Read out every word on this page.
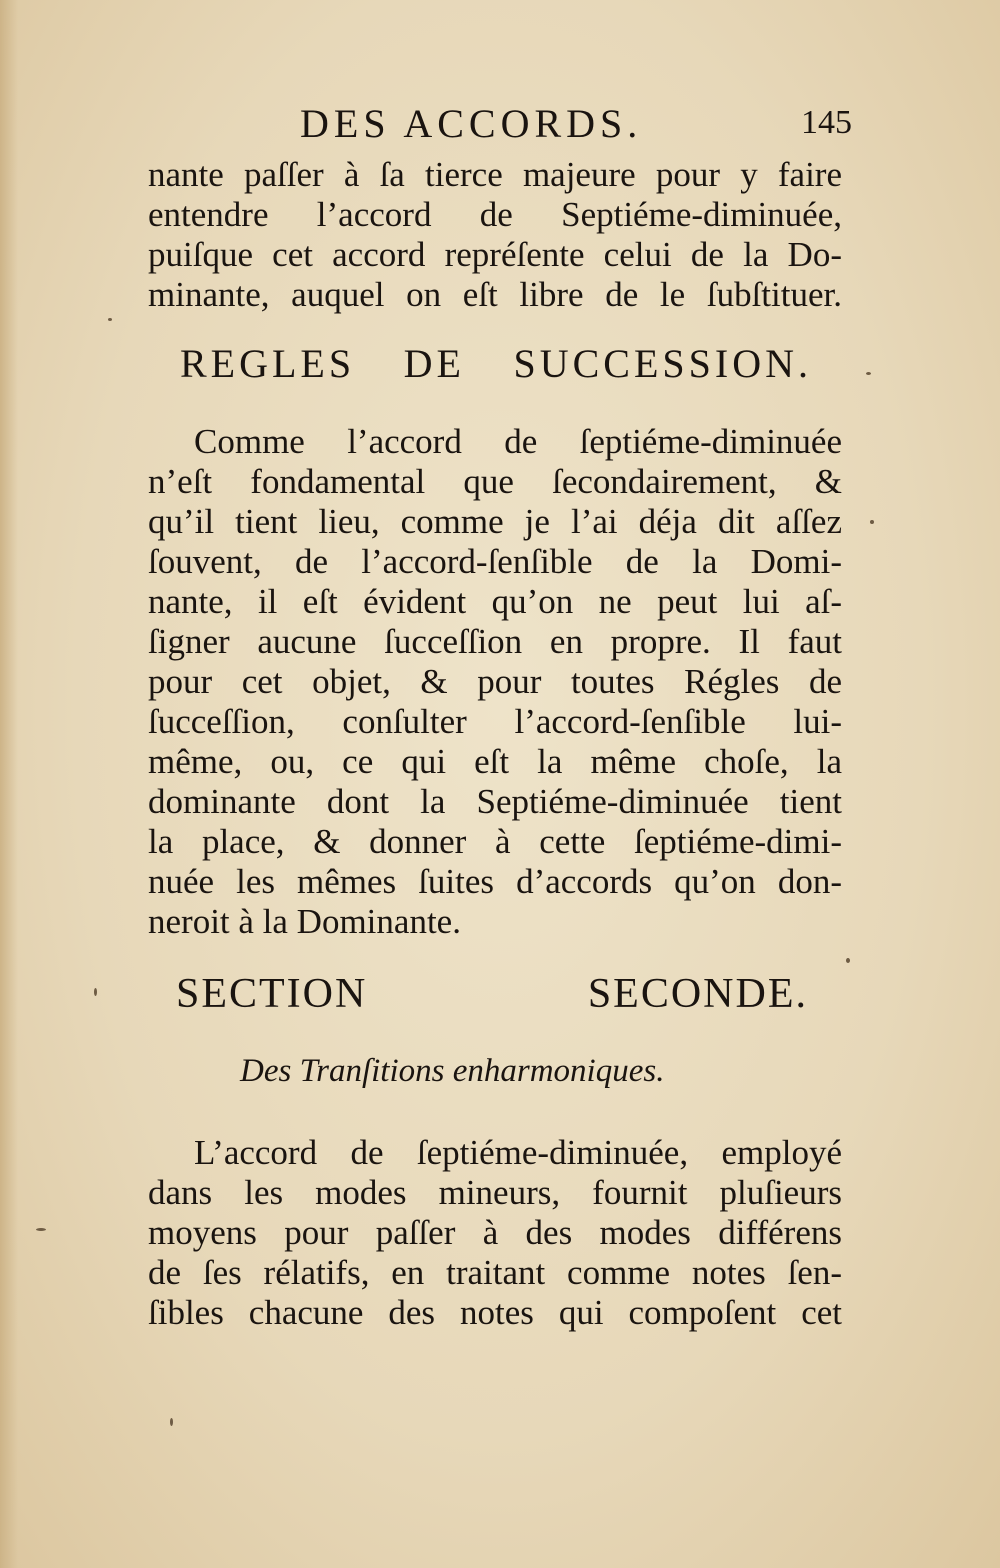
DES ACCORDS.	145
nante paſſer à ſa tierce majeure pour y faire
entendre l’accord de Septiéme-diminuée,
puiſque cet accord repréſente celui de la Do-
minante, auquel on eſt libre de le ſubſtituer.
REGLES DE SUCCESSION.
Comme l’accord de ſeptiéme-diminuée
n’eſt fondamental que ſecondairement, &
qu’il tient lieu, comme je l’ai déja dit aſſez
ſouvent, de l’accord-ſenſible de la Domi-
nante, il eſt évident qu’on ne peut lui aſ-
ſigner aucune ſucceſſion en propre. Il faut
pour cet objet, & pour toutes Régles de
ſucceſſion, conſulter l’accord-ſenſible lui-
même, ou, ce qui eſt la même choſe, la
dominante dont la Septiéme-diminuée tient
la place, & donner à cette ſeptiéme-dimi-
nuée les mêmes ſuites d’accords qu’on don-
neroit à la Dominante.
SECTION SECONDE.
Des Tranſitions enharmoniques.
L’accord de ſeptiéme-diminuée, employé
dans les modes mineurs, fournit pluſieurs
moyens pour paſſer à des modes différens
de ſes rélatifs, en traitant comme notes ſen-
ſibles chacune des notes qui compoſent cet
